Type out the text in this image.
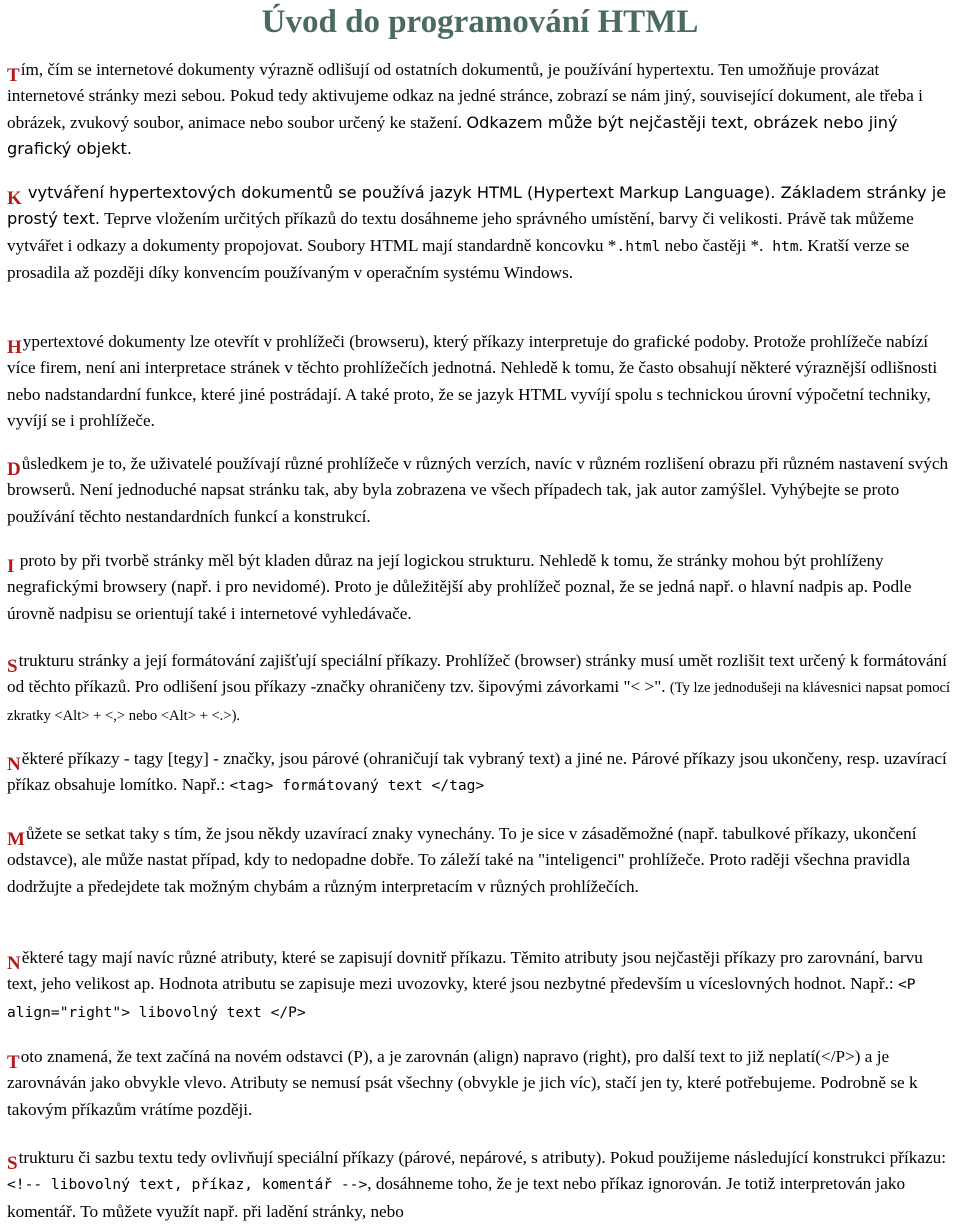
Úvod do programování HTML

Tím, čím se internetové dokumenty výrazně odlišují od ostatních dokumentů, je používání hypertextu. Ten umožňuje provázat internetové stránky mezi sebou. Pokud tedy aktivujeme odkaz na jedné stránce, zobrazí se nám jiný, související dokument, ale třeba i obrázek, zvukový soubor, animace nebo soubor určený ke stažení. Odkazem může být nejčastěji text, obrázek nebo jiný grafický objekt.

K vytváření hypertextových dokumentů se používá jazyk HTML (Hypertext Markup Language). Základem stránky je prostý text. Teprve vložením určitých příkazů do textu dosáhneme jeho správného umístění, barvy či velikosti. Právě tak můžeme vytvářet i odkazy a dokumenty propojovat. Soubory HTML mají standardně koncovku *.html nebo častěji *. htm. Kratší verze se prosadila až později díky konvencím používaným v operačním systému Windows.

Hypertextové dokumenty lze otevřít v prohlížeči (browseru), který příkazy interpretuje do grafické podoby. Protože prohlížeče nabízí více firem, není ani interpretace stránek v těchto prohlížečích jednotná. Nehledě k tomu, že často obsahují některé výraznější odlišnosti nebo nadstandardní funkce, které jiné postrádají. A také proto, že se jazyk HTML vyvíjí spolu s technickou úrovní výpočetní techniky, vyvíjí se i prohlížeče.

Důsledkem je to, že uživatelé používají různé prohlížeče v různých verzích, navíc v různém rozlišení obrazu při různém nastavení svých browserů. Není jednoduché napsat stránku tak, aby byla zobrazena ve všech případech tak, jak autor zamýšlel. Vyhýbejte se proto používání těchto nestandardních funkcí a konstrukcí.

I proto by při tvorbě stránky měl být kladen důraz na její logickou strukturu. Nehledě k tomu, že stránky mohou být prohlíženy negrafickými browsery (např. i pro nevidomé). Proto je důležitější aby prohlížeč poznal, že se jedná např. o hlavní nadpis ap. Podle úrovně nadpisu se orientují také i internetové vyhledávače.

Strukturu stránky a její formátování zajišťují speciální příkazy. Prohlížeč (browser) stránky musí umět rozlišit text určený k formátování od těchto příkazů. Pro odlišení jsou příkazy -značky ohraničeny tzv. šipovými závorkami "< >". (Ty lze jednodušeji na klávesnici napsat pomocí zkratky <Alt> + <,> nebo <Alt> + <.>).

Některé příkazy - tagy [tegy] - značky, jsou párové (ohraničují tak vybraný text) a jiné ne. Párové příkazy jsou ukončeny, resp. uzavírací příkaz obsahuje lomítko. Např.: <tag> formátovaný text </tag>

Můžete se setkat taky s tím, že jsou někdy uzavírací znaky vynechány. To je sice v zásaděmožné (např. tabulkové příkazy, ukončení odstavce), ale může nastat případ, kdy to nedopadne dobře. To záleží také na "inteligenci" prohlížeče. Proto raději všechna pravidla dodržujte a předejdete tak možným chybám a různým interpretacím v různých prohlížečích.

Některé tagy mají navíc různé atributy, které se zapisují dovnitř příkazu. Těmito atributy jsou nejčastěji příkazy pro zarovnání, barvu text, jeho velikost ap. Hodnota atributu se zapisuje mezi uvozovky, které jsou nezbytné především u víceslovných hodnot. Např.: <P align="right"> libovolný text </P>

Toto znamená, že text začíná na novém odstavci (P), a je zarovnán (align) napravo (right), pro další text to již neplatí(</P>) a je zarovnáván jako obvykle vlevo. Atributy se nemusí psát všechny (obvykle je jich víc), stačí jen ty, které potřebujeme. Podrobně se k takovým příkazům vrátíme později.

Strukturu či sazbu textu tedy ovlivňují speciální příkazy (párové, nepárové, s atributy). Pokud použijeme následující konstrukci příkazu: <!-- libovolný text, příkaz, komentář -->, dosáhneme toho, že je text nebo příkaz ignorován. Je totiž interpretován jako komentář. To můžete využít např. při ladění stránky, nebo
